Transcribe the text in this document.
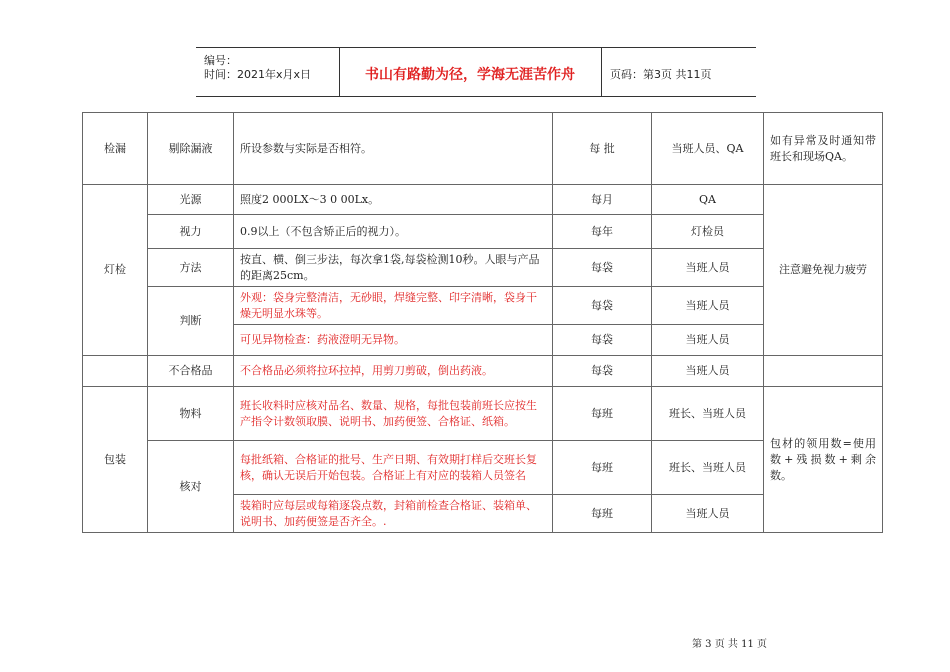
编号：
时间：2021年x月x日	书山有路勤为径，学海无涯苦作舟	页码：第3页 共11页
检漏	剔除漏液	所设参数与实际是否相符。	每 批	当班人员、QA	如有异常及时通知带班长和现场QA。
灯检	光源	照度2 000LX～3 0 00Lx。	每月	QA	注意避免视力疲劳
	视力	0.9以上（不包含矫正后的视力）。	每年	灯检员	
	方法	按直、横、倒三步法，每次拿1袋,每袋检测10秒。人眼与产品的距离25cm。	每袋	当班人员	
	判断	外观：袋身完整清洁，无砂眼，焊缝完整、印字清晰，袋身干燥无明显水珠等。	每袋	当班人员	
		可见异物检查：药液澄明无异物。	每袋	当班人员	
	不合格品	不合格品必须将拉环拉掉，用剪刀剪破，倒出药液。	每袋	当班人员	
包装	物料	班长收料时应核对品名、数量、规格，每批包装前班长应按生产指令计数领取膜、说明书、加药便签、合格证、纸箱。	每班	班长、当班人员	包材的领用数=使用数+残损数+剩余数。
	核对	每批纸箱、合格证的批号、生产日期、有效期打样后交班长复核，确认无误后开始包装。合格证上有对应的装箱人员签名	每班	班长、当班人员	
		装箱时应每层或每箱逐袋点数，封箱前检查合格证、装箱单、说明书、加药便签是否齐全。.	每班	当班人员	
第 3 页 共 11 页
